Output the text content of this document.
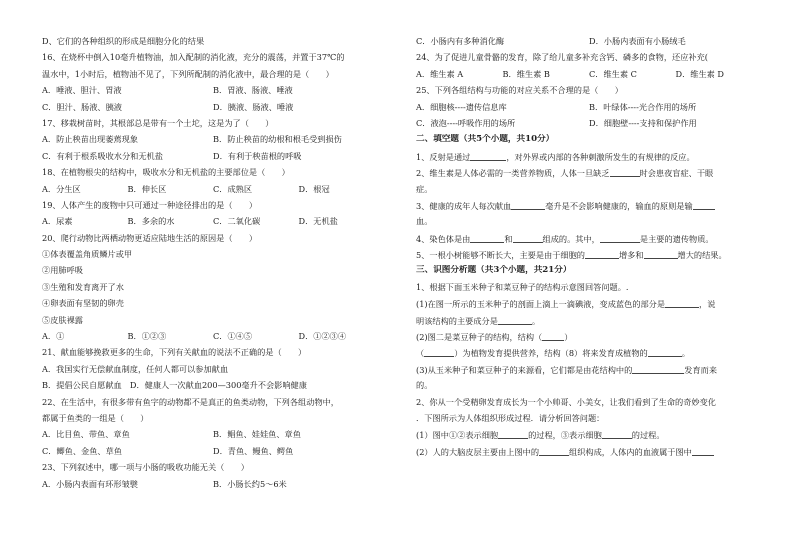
D、它们的各种组织的形成是细胞分化的结果
16、在烧杯中倒入10毫升植物油，加入配制的消化液，充分的震荡，并置于37℃的
温水中，1小时后，植物油不见了，下列所配制的消化液中，最合理的是（　　）
A．唾液、胆汁、胃液	B．胃液、肠液、唾液
C．胆汁、肠液、胰液	D．胰液、肠液、唾液
17、移栽树苗时，其根部总是带有一个土坨，这是为了（　　）
A．防止秧苗出现萎蔫现象	B．防止秧苗的幼根和根毛受到损伤
C．有利于根系吸收水分和无机盐	D．有利于秧苗根的呼吸
18、在植物根尖的结构中，吸收水分和无机盐的主要部位是（　　）
A．分生区	B．伸长区	C．成熟区	D．根冠
19、人体产生的废物中只可通过一种途径排出的是（　　）
A．尿素	B．多余的水	C．二氧化碳	D．无机盐
20、爬行动物比两栖动物更适应陆地生活的原因是（　　）
①体表覆盖角质鳞片或甲
②用肺呼吸
③生殖和发育离开了水
④卵表面有坚韧的卵壳
⑤皮肤裸露
A．①	B．①②③	C．①④⑤	D．①②③④
21、献血能够挽救更多的生命，下列有关献血的说法不正确的是（　　）
A．我国实行无偿献血制度，任何人都可以参加献血
B．提倡公民自愿献血　D．健康人一次献血200—300毫升不会影响健康
22、在生活中，有很多带有鱼字的动物都不是真正的鱼类动物，下列各组动物中，
都属于鱼类的一组是（　　）
A．比目鱼、带鱼、章鱼	B．鲳鱼、娃娃鱼、章鱼
C．鲫鱼、金鱼、草鱼	D．青鱼、鳗鱼、鳄鱼
23、下列叙述中，哪一项与小肠的吸收功能无关（　　）
A．小肠内表面有环形皱襞	B．小肠长约5～6米
C．小肠内有多种消化酶	D．小肠内表面有小肠绒毛
24、为了促进儿童骨骼的发育，除了给儿童多补充含钙、磷多的食物，还应补充(
A．维生素 A	B．维生素 B	C．维生素 C	D．维生素 D
25、下列各组结构与功能的对应关系不合理的是（　　）
A．细胞核----遗传信息库	B．叶绿体----光合作用的场所
C．液泡----呼吸作用的场所	D．细胞壁----支持和保护作用
二、填空题（共5个小题，共10分）
1、反射是通过	，对外界或内部的各种刺激所发生的有规律的反应。
2、维生素是人体必需的一类营养物质，人体一旦缺乏	时会患夜盲症、干眼
症。
3、健康的成年人每次献血	毫升是不会影响健康的，输血的原则是输
血。
4、染色体是由	和	组成的。其中，	是主要的遗传物质。
5、一根小树能够不断长大，主要是由于细胞的	增多和	增大的结果。
三、识图分析题（共3个小题，共21分）
1、根据下面玉米种子和菜豆种子的结构示意图回答问题。.
(1)在图一所示的玉米种子的剖面上滴上一滴碘液，变成蓝色的部分是	，说
明该结构的主要成分是	。
(2)图二是菜豆种子的结构，结构（	）
（	）为植物发育提供营养，结构（8）将来发育成植物的	。
(3)从玉米种子和菜豆种子的来源看，它们都是由花结构中的	发育而来
的。
2、你从一个受精卵发育成长为一个小帅哥、小美女，让我们看到了生命的奇妙变化
．下图所示为人体组织形成过程．请分析回答问题：
(1）图中①②表示细胞	的过程，③表示细胞	的过程。
(2）人的大脑皮层主要由上图中的	组织构成，人体内的血液属于图中
